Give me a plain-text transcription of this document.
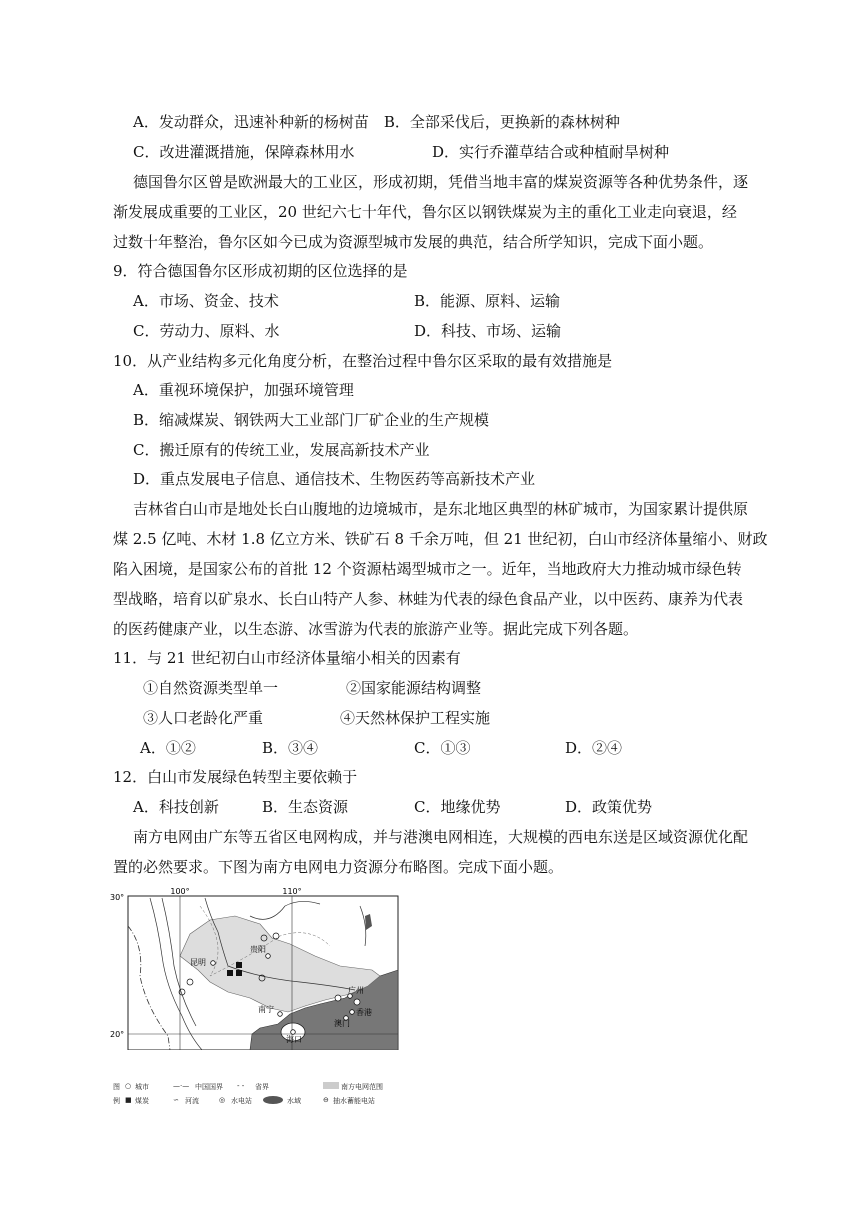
A．发动群众，迅速补种新的杨树苗　B．全部采伐后，更换新的森林树种
C．改进灌溉措施，保障森林用水	D．实行乔灌草结合或种植耐旱树种
德国鲁尔区曾是欧洲最大的工业区，形成初期，凭借当地丰富的煤炭资源等各种优势条件，逐
渐发展成重要的工业区，20 世纪六七十年代，鲁尔区以钢铁煤炭为主的重化工业走向衰退，经
过数十年整治，鲁尔区如今已成为资源型城市发展的典范，结合所学知识，完成下面小题。
9．符合德国鲁尔区形成初期的区位选择的是
A．市场、资金、技术	B．能源、原料、运输
C．劳动力、原料、水	D．科技、市场、运输
10．从产业结构多元化角度分析，在整治过程中鲁尔区采取的最有效措施是
A．重视环境保护，加强环境管理
B．缩减煤炭、钢铁两大工业部门厂矿企业的生产规模
C．搬迁原有的传统工业，发展高新技术产业
D．重点发展电子信息、通信技术、生物医药等高新技术产业
吉林省白山市是地处长白山腹地的边境城市，是东北地区典型的林矿城市，为国家累计提供原
煤 2.5 亿吨、木材 1.8 亿立方米、铁矿石 8 千余万吨，但 21 世纪初，白山市经济体量缩小、财政
陷入困境，是国家公布的首批 12 个资源枯竭型城市之一。近年，当地政府大力推动城市绿色转
型战略，培育以矿泉水、长白山特产人参、林蛙为代表的绿色食品产业，以中医药、康养为代表
的医药健康产业，以生态游、冰雪游为代表的旅游产业等。据此完成下列各题。
11．与 21 世纪初白山市经济体量缩小相关的因素有
①自然资源类型单一	②国家能源结构调整
③人口老龄化严重	④天然林保护工程实施
A．①②	B．③④	C．①③	D．②④
12．白山市发展绿色转型主要依赖于
A．科技创新	B．生态资源	C．地缘优势	D．政策优势
南方电网由广东等五省区电网构成，并与港澳电网相连，大规模的西电东送是区域资源优化配
置的必然要求。下图为南方电网电力资源分布略图。完成下面小题。
100°	110°
30°
20°
昆明
贵阳
南宁
广州
香港
澳门
海口
图
例
○ 城市	—·— 中国国界 - - 省界	南方电网范围
■ 煤炭	∽ 河流	◎ 水电站	水域	⊖ 抽水蓄能电站
